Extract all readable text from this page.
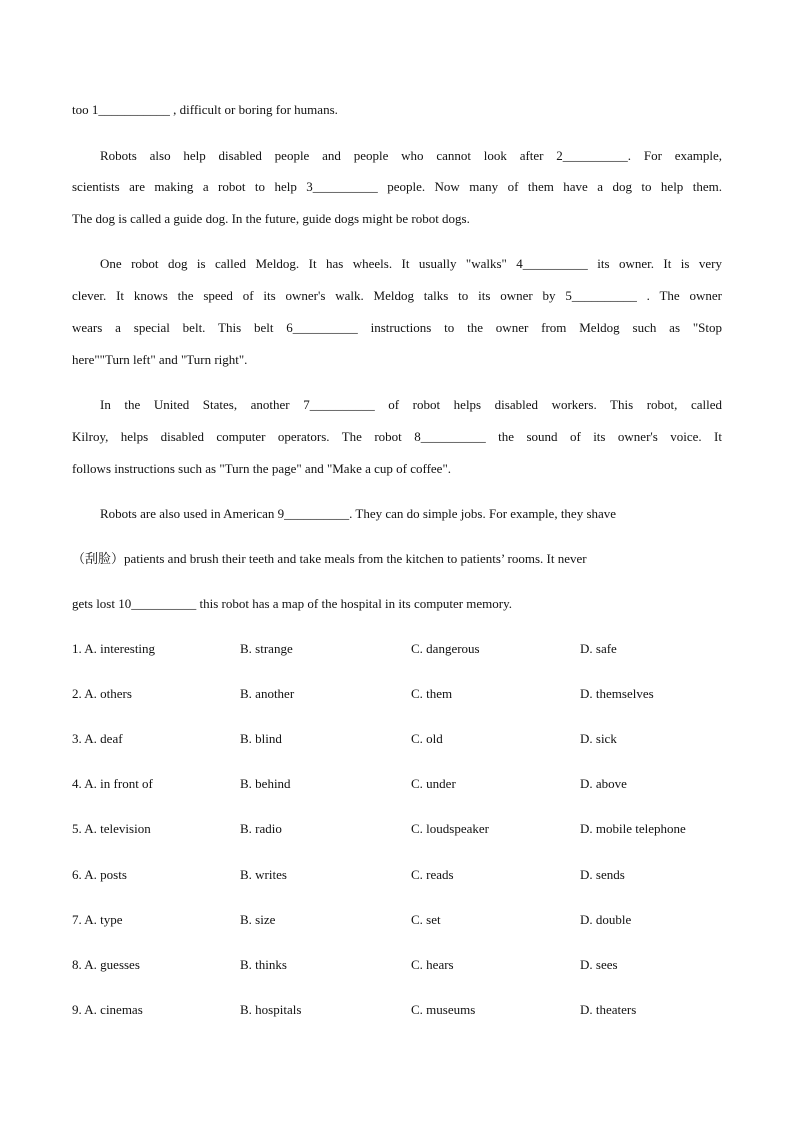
too 1___________ , difficult or boring for humans.
Robots also help disabled people and people who cannot look after 2__________. For example,
scientists are making a robot to help 3__________ people. Now many of them have a dog to help them.
The dog is called a guide dog. In the future, guide dogs might be robot dogs.
One robot dog is called Meldog. It has wheels. It usually "walks" 4__________ its owner. It is very
clever. It knows the speed of its owner's walk. Meldog talks to its owner by 5__________ . The owner
wears a special belt. This belt 6__________ instructions to the owner from Meldog such as "Stop
here""Turn left" and "Turn right".
In the United States, another 7__________ of robot helps disabled workers. This robot, called
Kilroy, helps disabled computer operators. The robot 8__________ the sound of its owner's voice. It
follows instructions such as "Turn the page" and "Make a cup of coffee".
Robots are also used in American 9__________. They can do simple jobs. For example, they shave
（刮脸）patients and brush their teeth and take meals from the kitchen to patients’ rooms. It never
gets lost 10__________ this robot has a map of the hospital in its computer memory.
1. A. interesting	B. strange	C. dangerous	D. safe
2. A. others	B. another	C. them	D. themselves
3. A. deaf	B. blind	C. old	D. sick
4. A. in front of	B. behind	C. under	D. above
5. A. television	B. radio	C. loudspeaker	D. mobile telephone
6. A. posts	B. writes	C. reads	D. sends
7. A. type	B. size	C. set	D. double
8. A. guesses	B. thinks	C. hears	D. sees
9. A. cinemas	B. hospitals	C. museums	D. theaters
